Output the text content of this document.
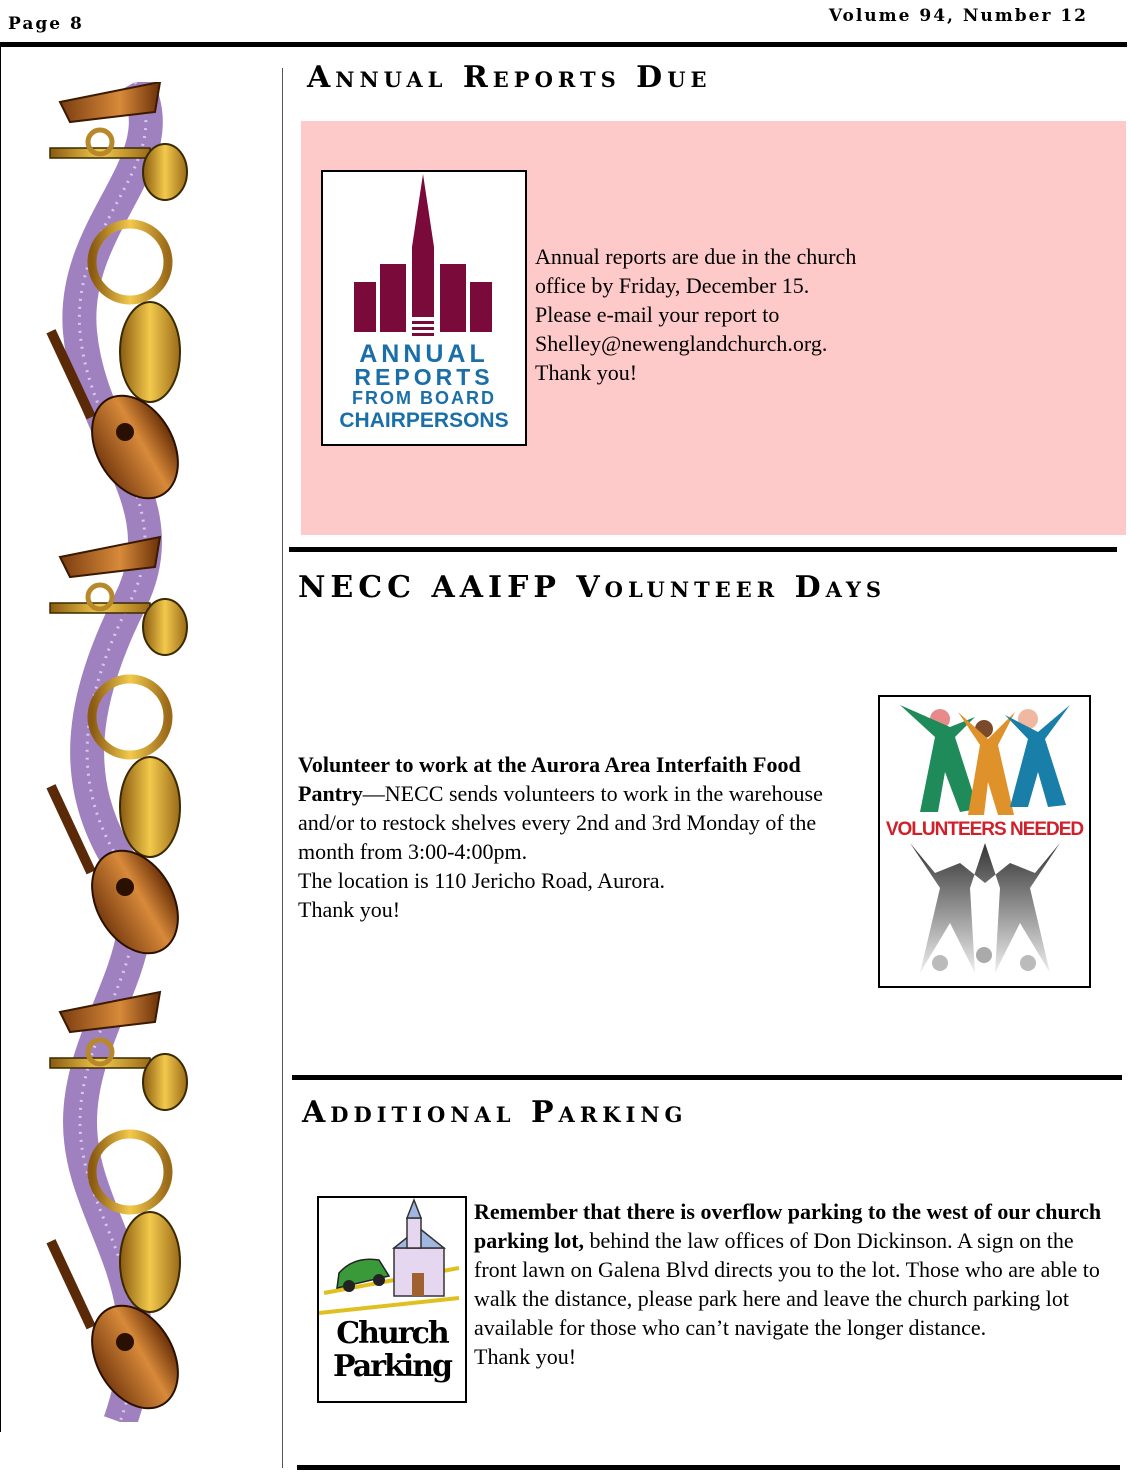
Page 8	Volume 94, Number 12
Annual Reports Due
ANNUAL
REPORTS
FROM BOARD
CHAIRPERSONS
Annual reports are due in the church
office by Friday, December 15.
Please e-mail your report to
Shelley@newenglandchurch.org.
Thank you!
NECC AAIFP Volunteer Days
Volunteer to work at the Aurora Area Interfaith Food Pantry—NECC sends volunteers to work in the warehouse and/or to restock shelves every 2nd and 3rd Monday of the month from 3:00-4:00pm.
The location is 110 Jericho Road, Aurora.
Thank you!
VOLUNTEERS NEEDED
Additional Parking
Church
Parking
Remember that there is overflow parking to the west of our church parking lot, behind the law offices of Don Dickinson. A sign on the front lawn on Galena Blvd directs you to the lot. Those who are able to walk the distance, please park here and leave the church parking lot available for those who can’t navigate the longer distance.
Thank you!
